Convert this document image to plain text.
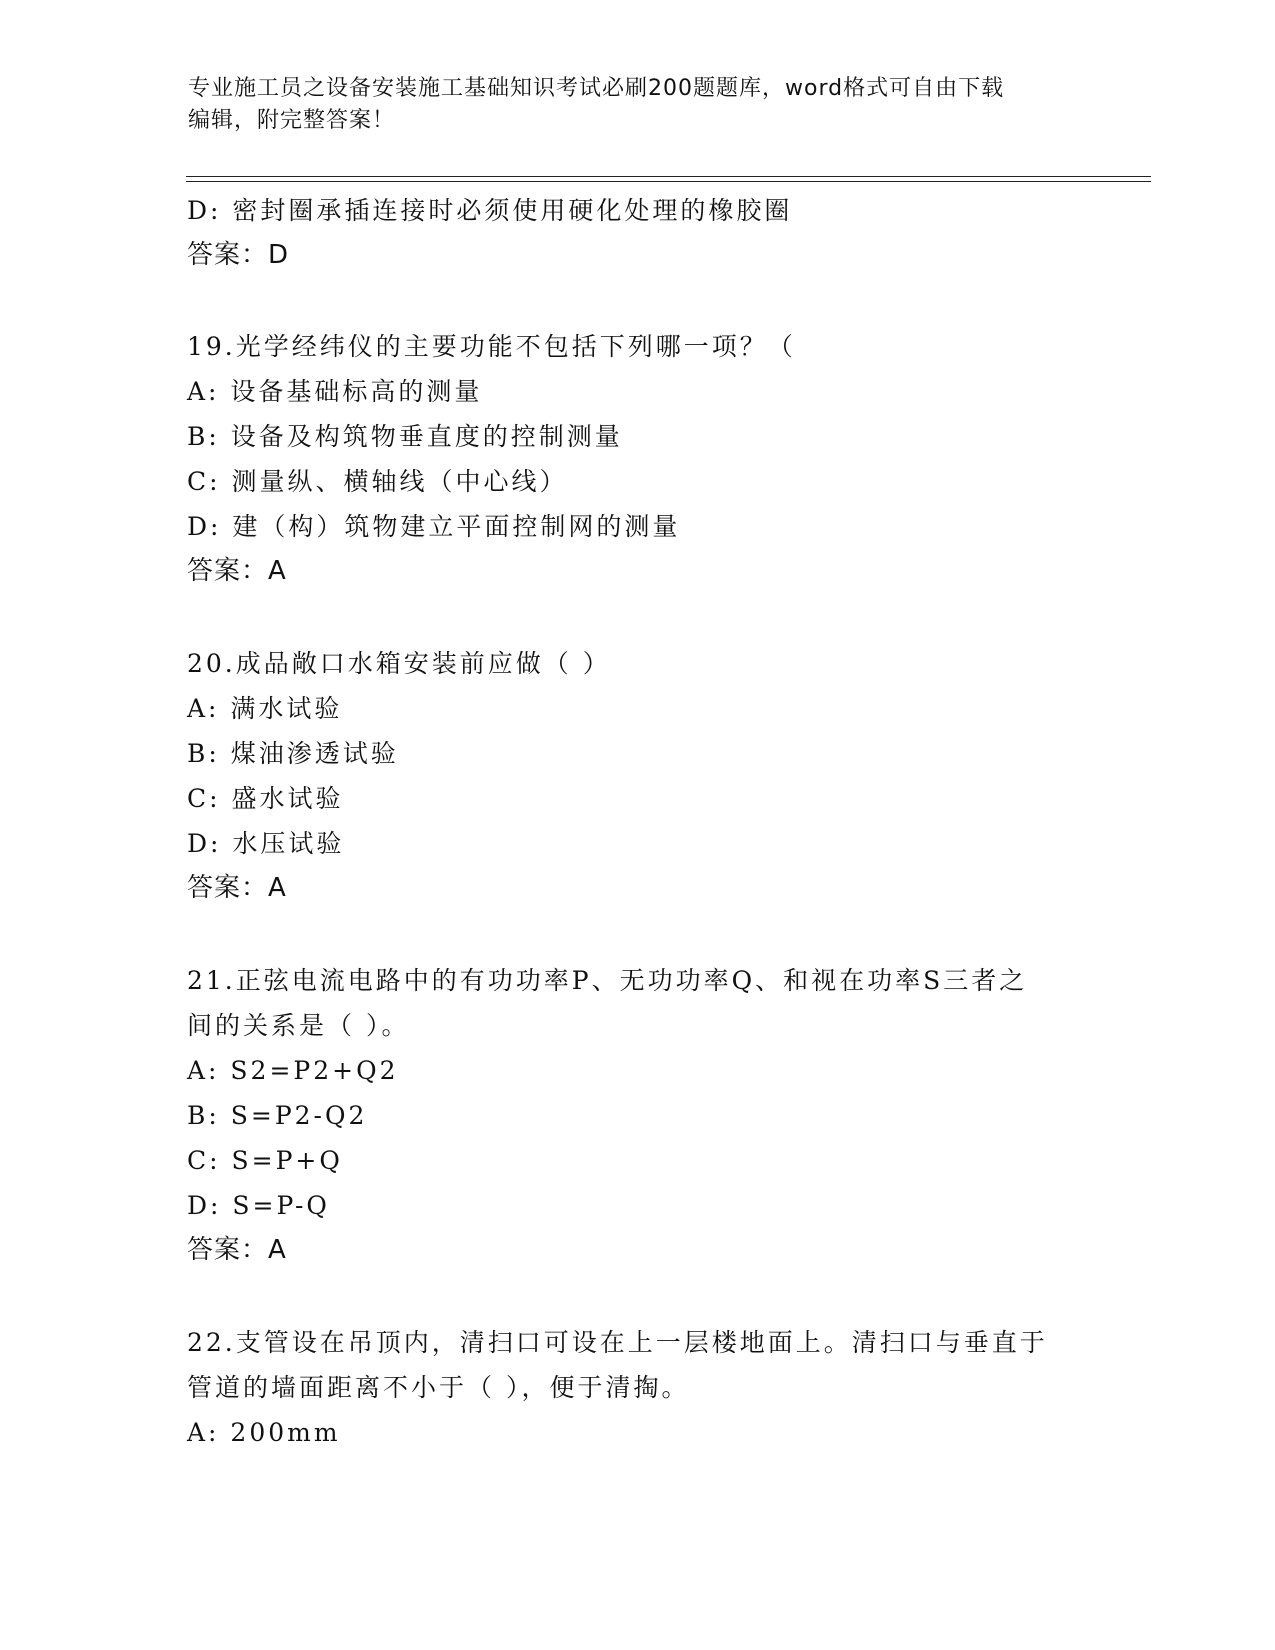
专业施工员之设备安装施工基础知识考试必刷200题题库，word格式可自由下载
编辑，附完整答案！
D: 密封圈承插连接时必须使用硬化处理的橡胶圈
答案：D
19.光学经纬仪的主要功能不包括下列哪一项？（
A: 设备基础标高的测量
B: 设备及构筑物垂直度的控制测量
C: 测量纵、横轴线（中心线）
D: 建（构）筑物建立平面控制网的测量
答案：A
20.成品敞口水箱安装前应做（ ）
A: 满水试验
B: 煤油渗透试验
C: 盛水试验
D: 水压试验
答案：A
21.正弦电流电路中的有功功率P、无功功率Q、和视在功率S三者之
间的关系是（ ）。
A: S2=P2+Q2
B: S=P2-Q2
C: S=P+Q
D: S=P-Q
答案：A
22.支管设在吊顶内，清扫口可设在上一层楼地面上。清扫口与垂直于
管道的墙面距离不小于（ ），便于清掏。
A: 200mm
